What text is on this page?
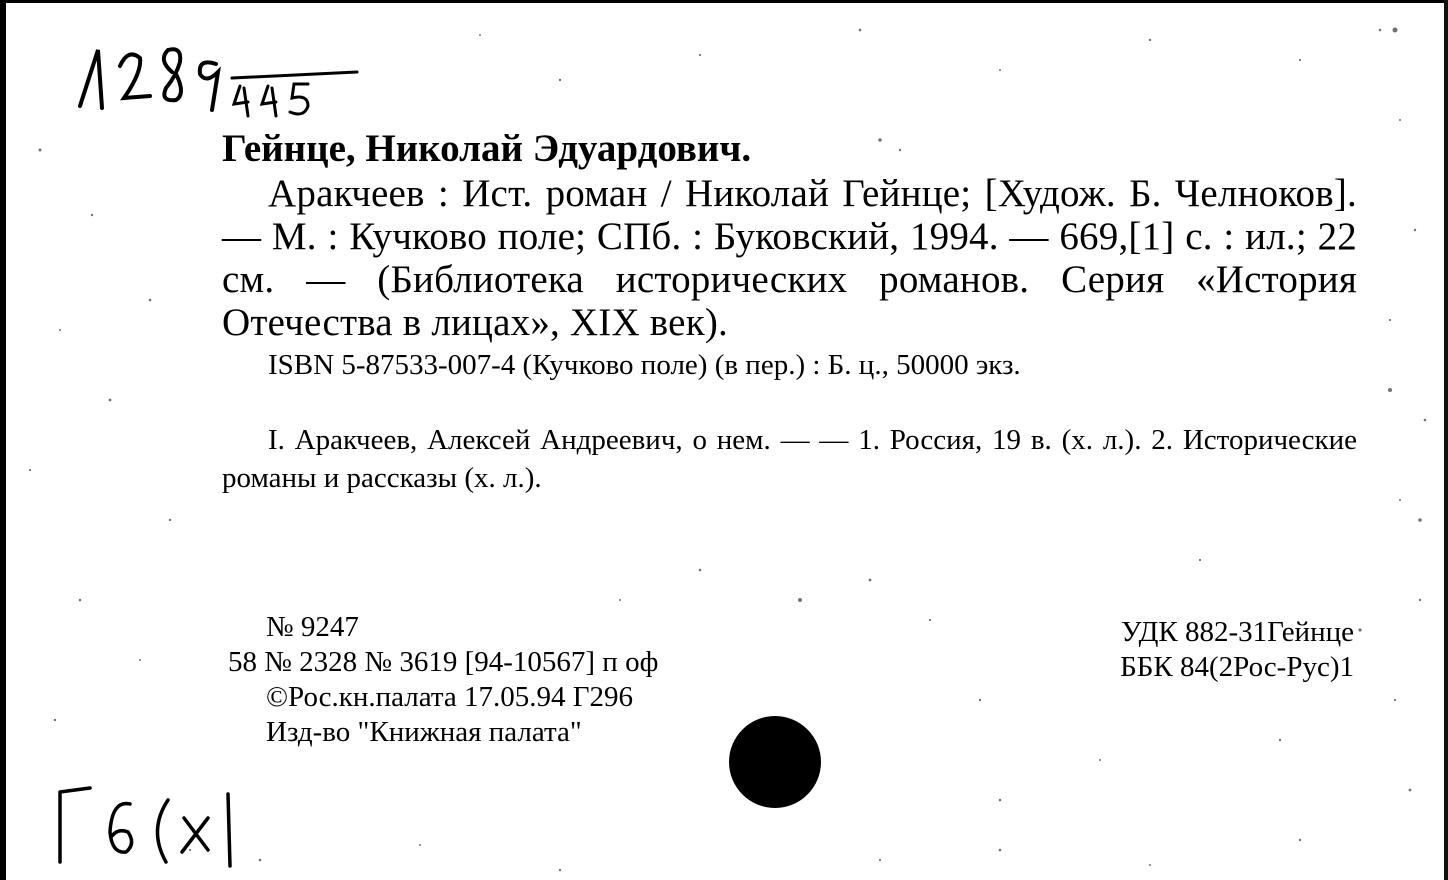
Гейнце, Николай Эдуардович.
Аракчеев : Ист. роман / Николай Гейнце; [Худож. Б. Челноков]. — М. : Кучково поле; СПб. : Буковский, 1994. — 669,[1] с. : ил.; 22 см. — (Библиотека исторических романов. Серия «История Отечества в лицах», XIX век).
ISBN 5-87533-007-4 (Кучково поле) (в пер.) : Б. ц., 50000 экз.
I. Аракчеев, Алексей Андреевич, о нем. — — 1. Россия, 19 в. (х. л.). 2. Исторические романы и рассказы (х. л.).
№ 9247
58 № 2328 № 3619 [94-10567] п оф
©Рос.кн.палата 17.05.94 Г296
Изд-во "Книжная палата"
УДК 882-31Гейнце
ББК 84(2Рос-Рус)1
